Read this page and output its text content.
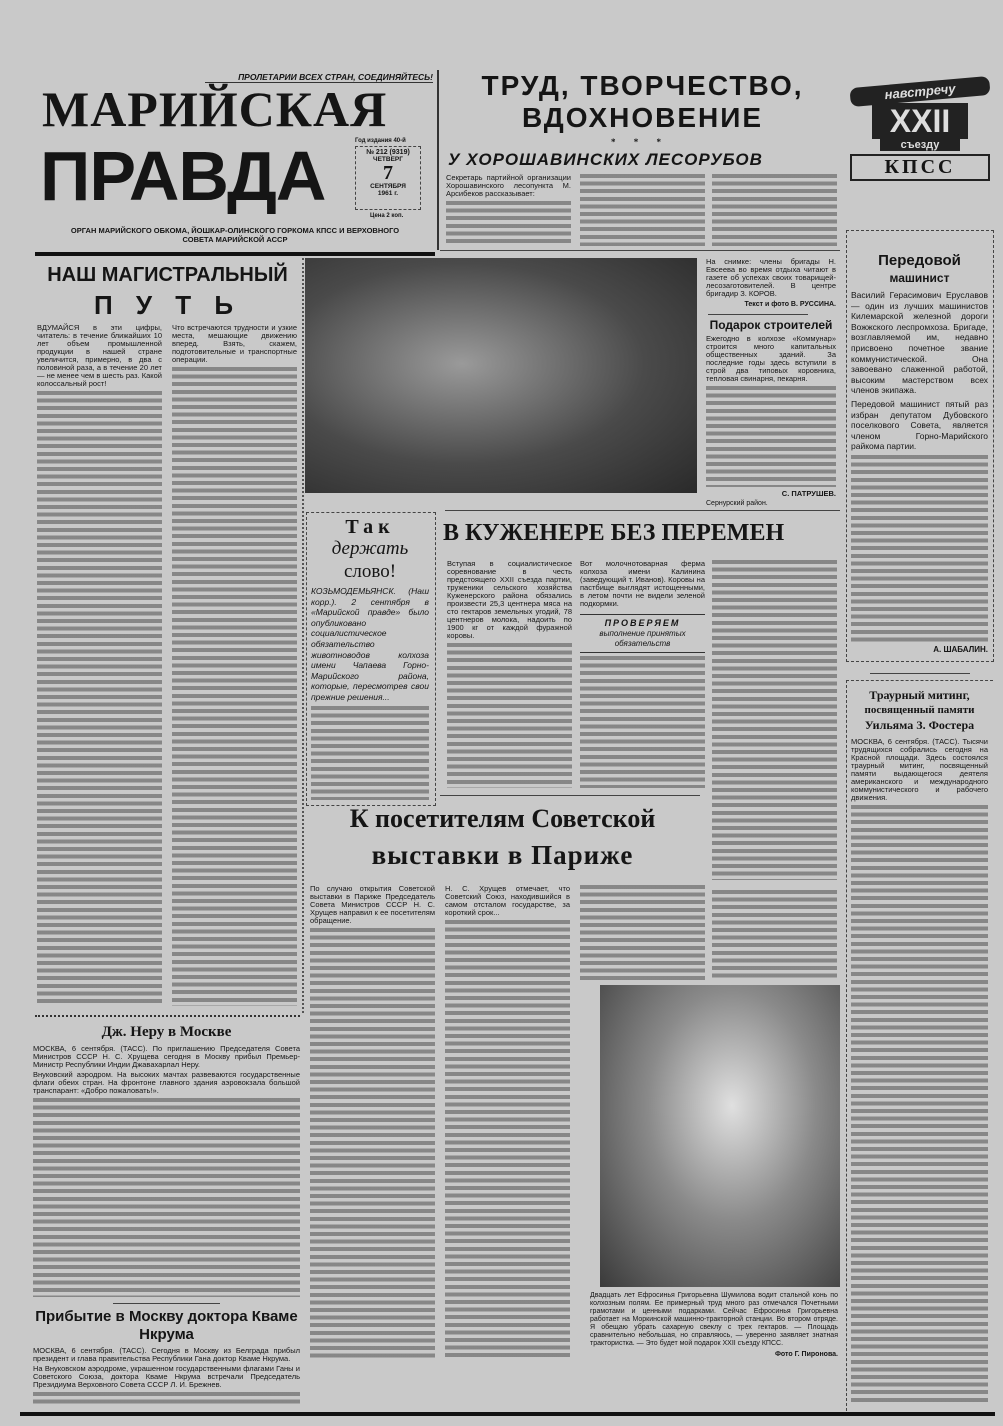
ПРОЛЕТАРИИ ВСЕХ СТРАН, СОЕДИНЯЙТЕСЬ!
МАРИЙСКАЯ
ПРАВДА	Год издания 40-й
№ 212 (9319)
ЧЕТВЕРГ
7
СЕНТЯБРЯ
1961 г.
Цена 2 коп.
ОРГАН МАРИЙСКОГО ОБКОМА, ЙОШКАР-ОЛИНСКОГО ГОРКОМА КПСС И ВЕРХОВНОГО СОВЕТА МАРИЙСКОЙ АССР
ТРУД, ТВОРЧЕСТВО, ВДОХНОВЕНИЕ
* * *
У ХОРОШАВИНСКИХ ЛЕСОРУБОВ
Секретарь партийной организации Хорошавинского лесопункта М. Арсибеков рассказывает:
навстречу
XXII
съезду
КПСС
Передовой
машинист
Василий Герасимович Еруславов — один из лучших машинистов Килемарской железной дороги Вожжского леспромхоза. Бригаде, возглавляемой им, недавно присвоено почетное звание коммунистической. Она завоевано слаженной работой, высоким мастерством всех членов экипажа.
Передовой машинист пятый раз избран депутатом Дубовского поселкового Совета, является членом Горно-Марийского райкома партии.
А. ШАБАЛИН.
Траурный митинг,
посвященный памяти
Уильяма З. Фостера
МОСКВА, 6 сентября. (ТАСС). Тысячи трудящихся собрались сегодня на Красной площади. Здесь состоялся траурный митинг, посвященный памяти выдающегося деятеля американского и международного коммунистического и рабочего движения.
НАШ МАГИСТРАЛЬНЫЙ
П У Т Ь
ВДУМАЙСЯ в эти цифры, читатель: в течение ближайших 10 лет объем промышленной продукции в нашей стране увеличится, примерно, в два с половиной раза, а в течение 20 лет — не менее чем в шесть раз. Какой колоссальный рост!
Что встречаются трудности и узкие места, мешающие движению вперед. Взять, скажем, подготовительные и транспортные операции.
Дж. Неру в Москве
МОСКВА, 6 сентября. (ТАСС). По приглашению Председателя Совета Министров СССР Н. С. Хрущева сегодня в Москву прибыл Премьер-Министр Республики Индии Джавахарлал Неру.
Внуковский аэродром. На высоких мачтах развеваются государственные флаги обеих стран. На фронтоне главного здания аэровокзала большой транспарант: «Добро пожаловать!».
Прибытие в Москву доктора Кваме Нкрума
МОСКВА, 6 сентября. (ТАСС). Сегодня в Москву из Белграда прибыл президент и глава правительства Республики Гана доктор Кваме Нкрума.
На Внуковском аэродроме, украшенном государственными флагами Ганы и Советского Союза, доктора Кваме Нкрума встречали Председатель Президиума Верховного Совета СССР Л. И. Брежнев.
На снимке: члены бригады Н. Евсеева во время отдыха читают в газете об успехах своих товарищей-лесозаготовителей. В центре бригадир З. КОРОВ.
Текст и фото В. РУССИНА.
Подарок строителей
Ежегодно в колхозе «Коммунар» строится много капитальных общественных зданий. За последние годы здесь вступили в строй два типовых коровника, тепловая свинарня, пекарня.
С. ПАТРУШЕВ.
Сернурский район.
Так
держать
слово!
КОЗЬМОДЕМЬЯНСК. (Наш корр.). 2 сентября в «Марийской правде» было опубликовано социалистическое обязательство животноводов колхоза имени Чапаева Горно-Марийского района, которые, пересмотрев свои прежние решения...
В КУЖЕНЕРЕ БЕЗ ПЕРЕМЕН
Вступая в социалистическое соревнование в честь предстоящего XXII съезда партии, труженики сельского хозяйства Куженерского района обязались произвести 25,3 центнера мяса на сто гектаров земельных угодий, 78 центнеров молока, надоить по 1900 кг от каждой фуражной коровы.
Вот молочнотоварная ферма колхоза имени Калинина (заведующий т. Иванов). Коровы на пастбище выглядят истощенными, в летом почти не видели зеленой подкормки.
ПРОВЕРЯЕМ
выполнение принятых обязательств
К посетителям Советской
выставки в Париже
По случаю открытия Советской выставки в Париже Председатель Совета Министров СССР Н. С. Хрущев направил к ее посетителям обращение.
Н. С. Хрущев отмечает, что Советский Союз, находившийся в самом отсталом государстве, за короткий срок...
Двадцать лет Ефросинья Григорьевна Шумилова водит стальной конь по колхозным полям. Ее примерный труд много раз отмечался Почетными грамотами и ценными подарками. Сейчас Ефросинья Григорьевна работает на Моркинской машинно-тракторной станции. Во втором отряде. Я обещаю убрать сахарную свеклу с трех гектаров. — Площадь сравнительно небольшая, но справляюсь, — уверенно заявляет знатная трактористка. — Это будет мой подарок XXII съезду КПСС.
Фото Г. Пиронова.
